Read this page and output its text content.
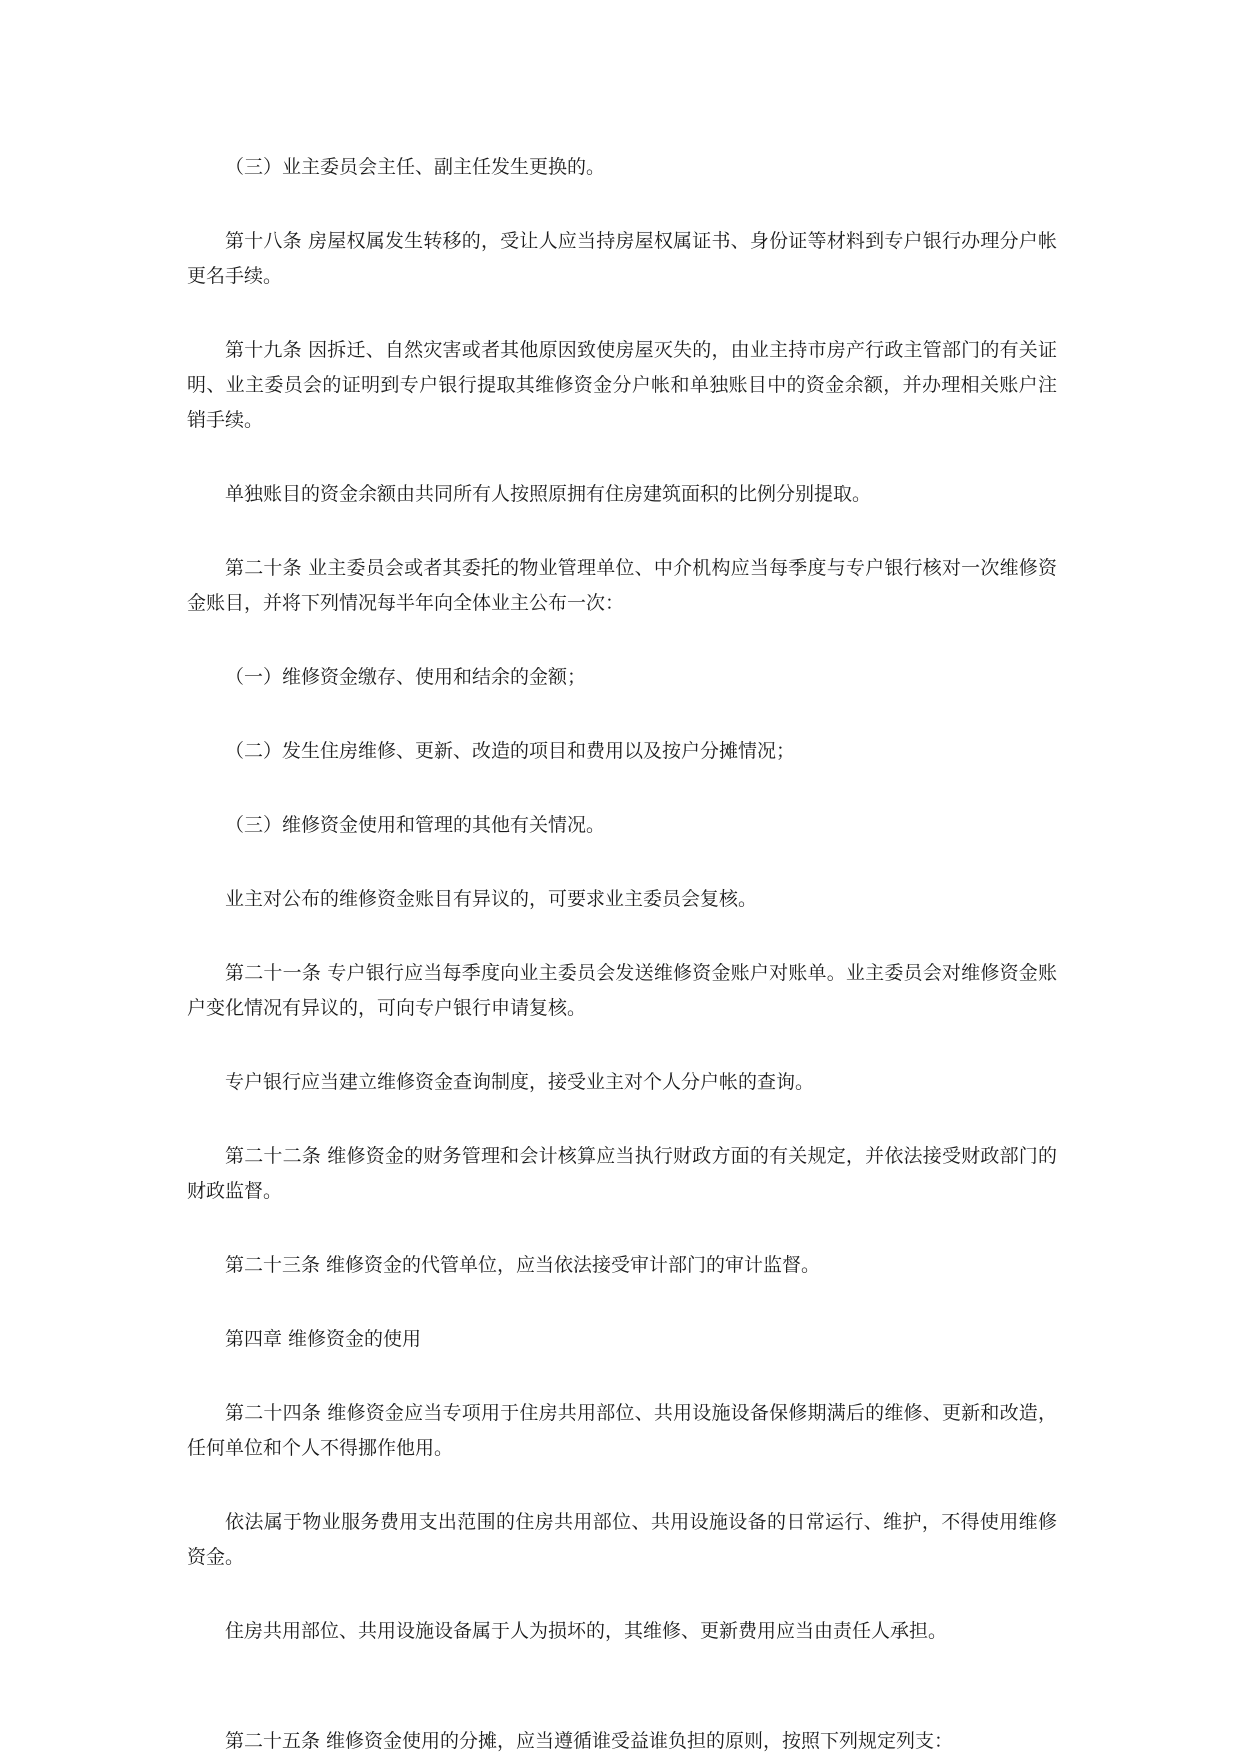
（三）业主委员会主任、副主任发生更换的。

第十八条 房屋权属发生转移的，受让人应当持房屋权属证书、身份证等材料到专户银行办理分户帐更名手续。

第十九条 因拆迁、自然灾害或者其他原因致使房屋灭失的，由业主持市房产行政主管部门的有关证明、业主委员会的证明到专户银行提取其维修资金分户帐和单独账目中的资金余额，并办理相关账户注销手续。

单独账目的资金余额由共同所有人按照原拥有住房建筑面积的比例分别提取。

第二十条 业主委员会或者其委托的物业管理单位、中介机构应当每季度与专户银行核对一次维修资金账目，并将下列情况每半年向全体业主公布一次：

（一）维修资金缴存、使用和结余的金额；

（二）发生住房维修、更新、改造的项目和费用以及按户分摊情况；

（三）维修资金使用和管理的其他有关情况。

业主对公布的维修资金账目有异议的，可要求业主委员会复核。

第二十一条 专户银行应当每季度向业主委员会发送维修资金账户对账单。业主委员会对维修资金账户变化情况有异议的，可向专户银行申请复核。

专户银行应当建立维修资金查询制度，接受业主对个人分户帐的查询。

第二十二条 维修资金的财务管理和会计核算应当执行财政方面的有关规定，并依法接受财政部门的财政监督。

第二十三条 维修资金的代管单位，应当依法接受审计部门的审计监督。

第四章 维修资金的使用

第二十四条 维修资金应当专项用于住房共用部位、共用设施设备保修期满后的维修、更新和改造，任何单位和个人不得挪作他用。

依法属于物业服务费用支出范围的住房共用部位、共用设施设备的日常运行、维护，不得使用维修资金。

住房共用部位、共用设施设备属于人为损坏的，其维修、更新费用应当由责任人承担。

第二十五条 维修资金使用的分摊，应当遵循谁受益谁负担的原则，按照下列规定列支：
